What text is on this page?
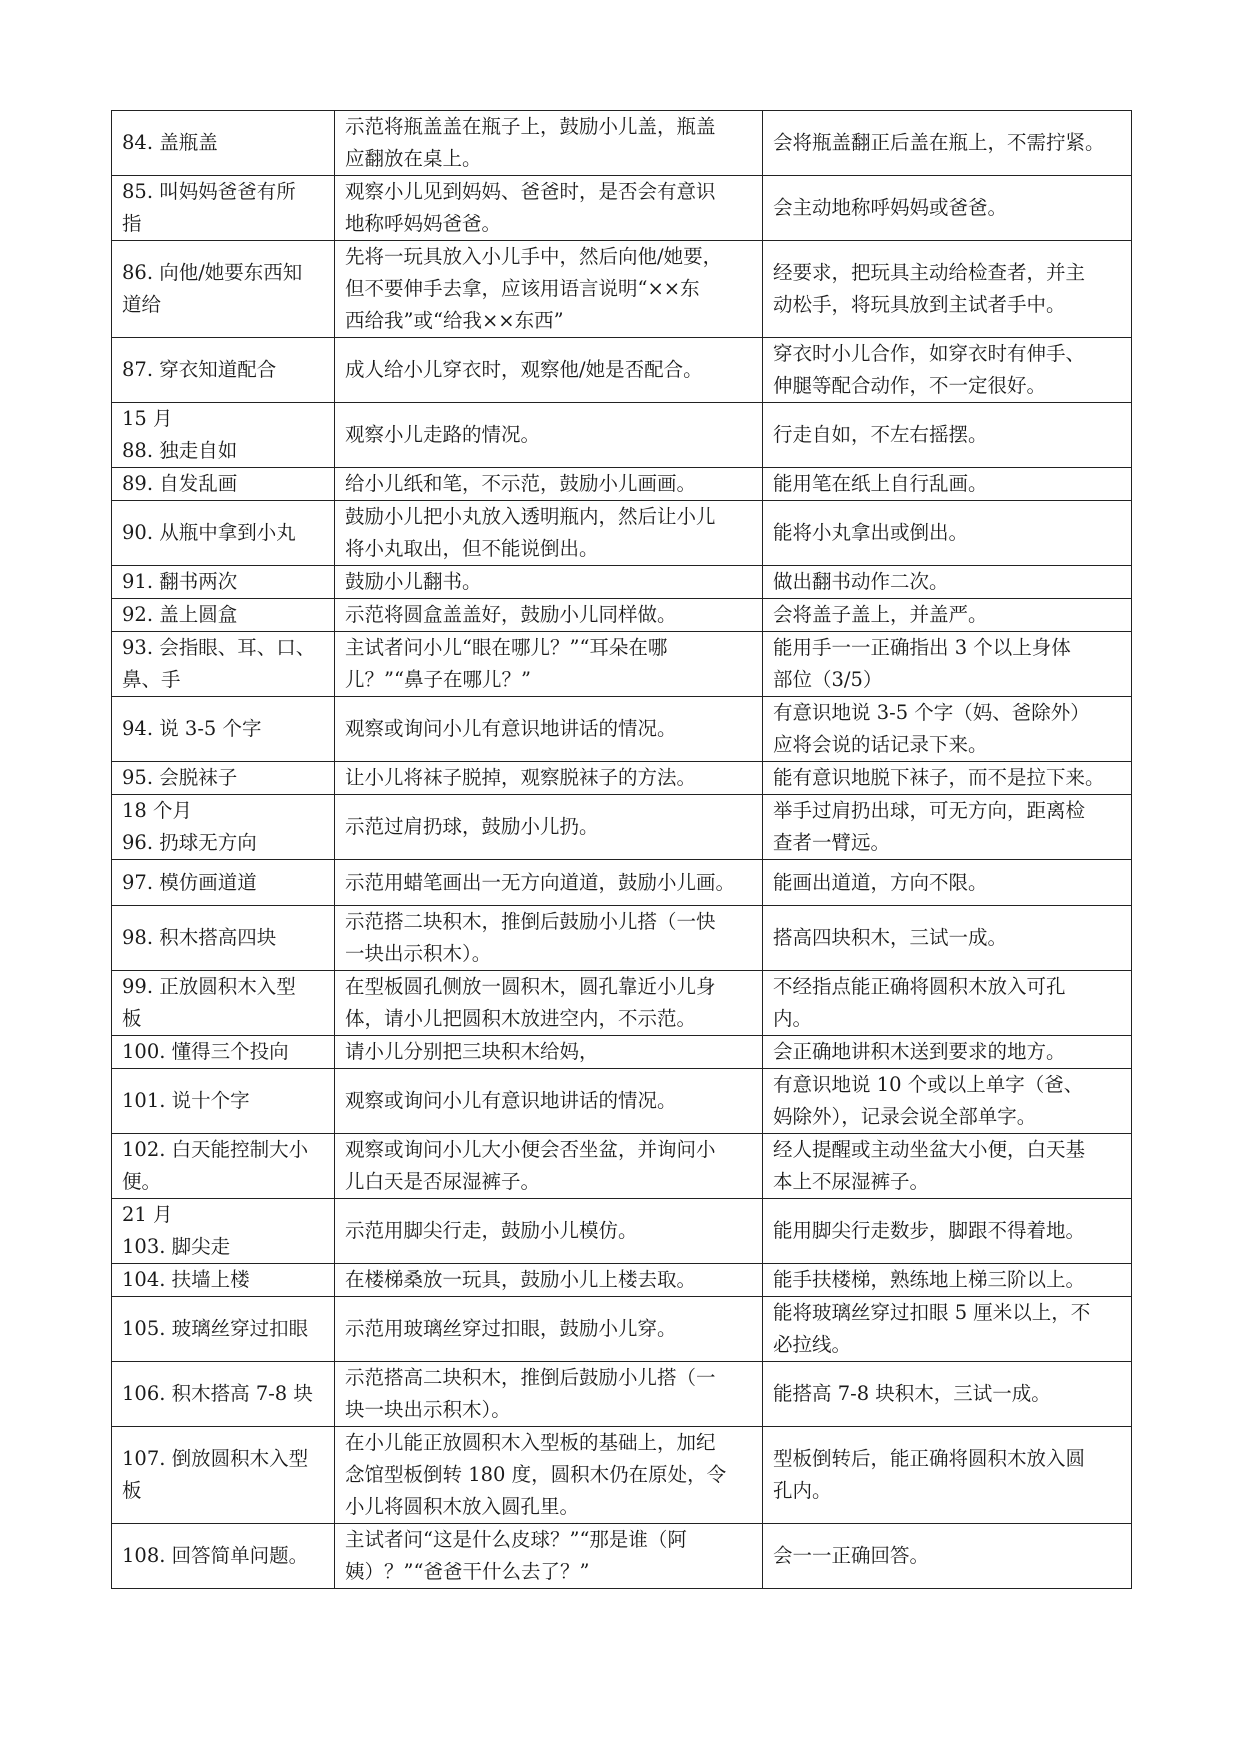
84. 盖瓶盖	示范将瓶盖盖在瓶子上，鼓励小儿盖，瓶盖
应翻放在桌上。	会将瓶盖翻正后盖在瓶上，不需拧紧。

85. 叫妈妈爸爸有所
指	观察小儿见到妈妈、爸爸时，是否会有意识
地称呼妈妈爸爸。	会主动地称呼妈妈或爸爸。

86. 向他/她要东西知
道给	先将一玩具放入小儿手中，然后向他/她要，
但不要伸手去拿，应该用语言说明“××东
西给我”或“给我××东西”	经要求，把玩具主动给检查者，并主
动松手，将玩具放到主试者手中。

87. 穿衣知道配合	成人给小儿穿衣时，观察他/她是否配合。	穿衣时小儿合作，如穿衣时有伸手、
伸腿等配合动作，不一定很好。

15 月
88. 独走自如	观察小儿走路的情况。	行走自如，不左右摇摆。

89. 自发乱画	给小儿纸和笔，不示范，鼓励小儿画画。	能用笔在纸上自行乱画。

90. 从瓶中拿到小丸	鼓励小儿把小丸放入透明瓶内，然后让小儿
将小丸取出，但不能说倒出。	能将小丸拿出或倒出。

91. 翻书两次	鼓励小儿翻书。	做出翻书动作二次。

92. 盖上圆盒	示范将圆盒盖盖好，鼓励小儿同样做。	会将盖子盖上，并盖严。

93. 会指眼、耳、口、
鼻、手	主试者问小儿“眼在哪儿？”“耳朵在哪
儿？”“鼻子在哪儿？”	能用手一一正确指出 3 个以上身体
部位（3/5）

94. 说 3-5 个字	观察或询问小儿有意识地讲话的情况。	有意识地说 3-5 个字（妈、爸除外）
应将会说的话记录下来。

95. 会脱袜子	让小儿将袜子脱掉，观察脱袜子的方法。	能有意识地脱下袜子，而不是拉下来。

18 个月
96. 扔球无方向	示范过肩扔球，鼓励小儿扔。	举手过肩扔出球，可无方向，距离检
查者一臂远。

97. 模仿画道道	示范用蜡笔画出一无方向道道，鼓励小儿画。	能画出道道，方向不限。

98. 积木搭高四块	示范搭二块积木，推倒后鼓励小儿搭（一快
一块出示积木）。	搭高四块积木，三试一成。

99. 正放圆积木入型
板	在型板圆孔侧放一圆积木，圆孔靠近小儿身
体，请小儿把圆积木放进空内，不示范。	不经指点能正确将圆积木放入可孔
内。

100. 懂得三个投向	请小儿分别把三块积木给妈，	会正确地讲积木送到要求的地方。

101. 说十个字	观察或询问小儿有意识地讲话的情况。	有意识地说 10 个或以上单字（爸、
妈除外），记录会说全部单字。

102. 白天能控制大小
便。	观察或询问小儿大小便会否坐盆，并询问小
儿白天是否尿湿裤子。	经人提醒或主动坐盆大小便，白天基
本上不尿湿裤子。

21 月
103. 脚尖走	示范用脚尖行走，鼓励小儿模仿。	能用脚尖行走数步，脚跟不得着地。

104. 扶墙上楼	在楼梯桑放一玩具，鼓励小儿上楼去取。	能手扶楼梯，熟练地上梯三阶以上。

105. 玻璃丝穿过扣眼	示范用玻璃丝穿过扣眼，鼓励小儿穿。	能将玻璃丝穿过扣眼 5 厘米以上，不
必拉线。

106. 积木搭高 7-8 块	示范搭高二块积木，推倒后鼓励小儿搭（一
块一块出示积木）。	能搭高 7-8 块积木，三试一成。

107. 倒放圆积木入型
板	在小儿能正放圆积木入型板的基础上，加纪
念馆型板倒转 180 度，圆积木仍在原处，令
小儿将圆积木放入圆孔里。	型板倒转后，能正确将圆积木放入圆
孔内。

108. 回答简单问题。	主试者问“这是什么皮球？”“那是谁（阿
姨）？”“爸爸干什么去了？”	会一一正确回答。
